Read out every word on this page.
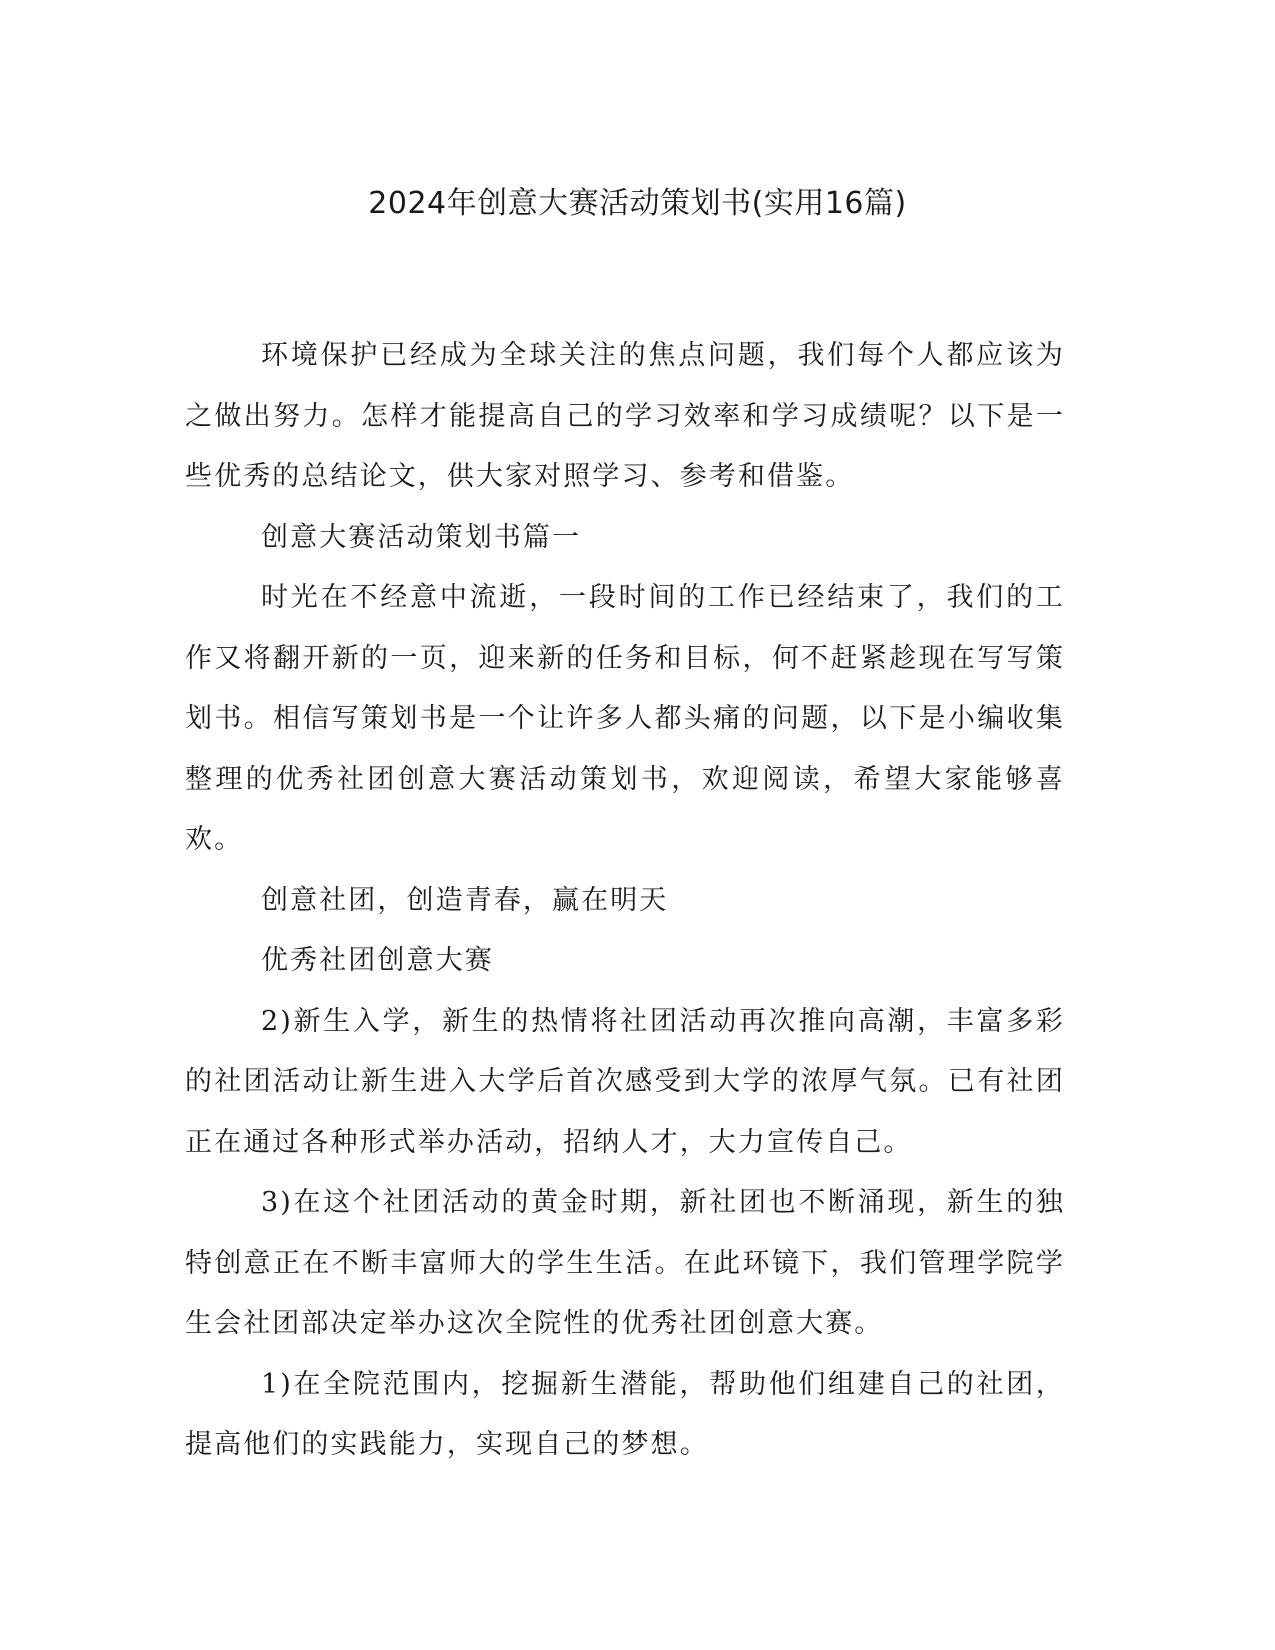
2024年创意大赛活动策划书(实用16篇)

环境保护已经成为全球关注的焦点问题，我们每个人都应该为之做出努力。怎样才能提高自己的学习效率和学习成绩呢？以下是一些优秀的总结论文，供大家对照学习、参考和借鉴。

创意大赛活动策划书篇一

时光在不经意中流逝，一段时间的工作已经结束了，我们的工作又将翻开新的一页，迎来新的任务和目标，何不赶紧趁现在写写策划书。相信写策划书是一个让许多人都头痛的问题，以下是小编收集整理的优秀社团创意大赛活动策划书，欢迎阅读，希望大家能够喜欢。

创意社团，创造青春，赢在明天

优秀社团创意大赛

2)新生入学，新生的热情将社团活动再次推向高潮，丰富多彩的社团活动让新生进入大学后首次感受到大学的浓厚气氛。已有社团正在通过各种形式举办活动，招纳人才，大力宣传自己。

3)在这个社团活动的黄金时期，新社团也不断涌现，新生的独特创意正在不断丰富师大的学生生活。在此环镜下，我们管理学院学生会社团部决定举办这次全院性的优秀社团创意大赛。

1)在全院范围内，挖掘新生潜能，帮助他们组建自己的社团，提高他们的实践能力，实现自己的梦想。
